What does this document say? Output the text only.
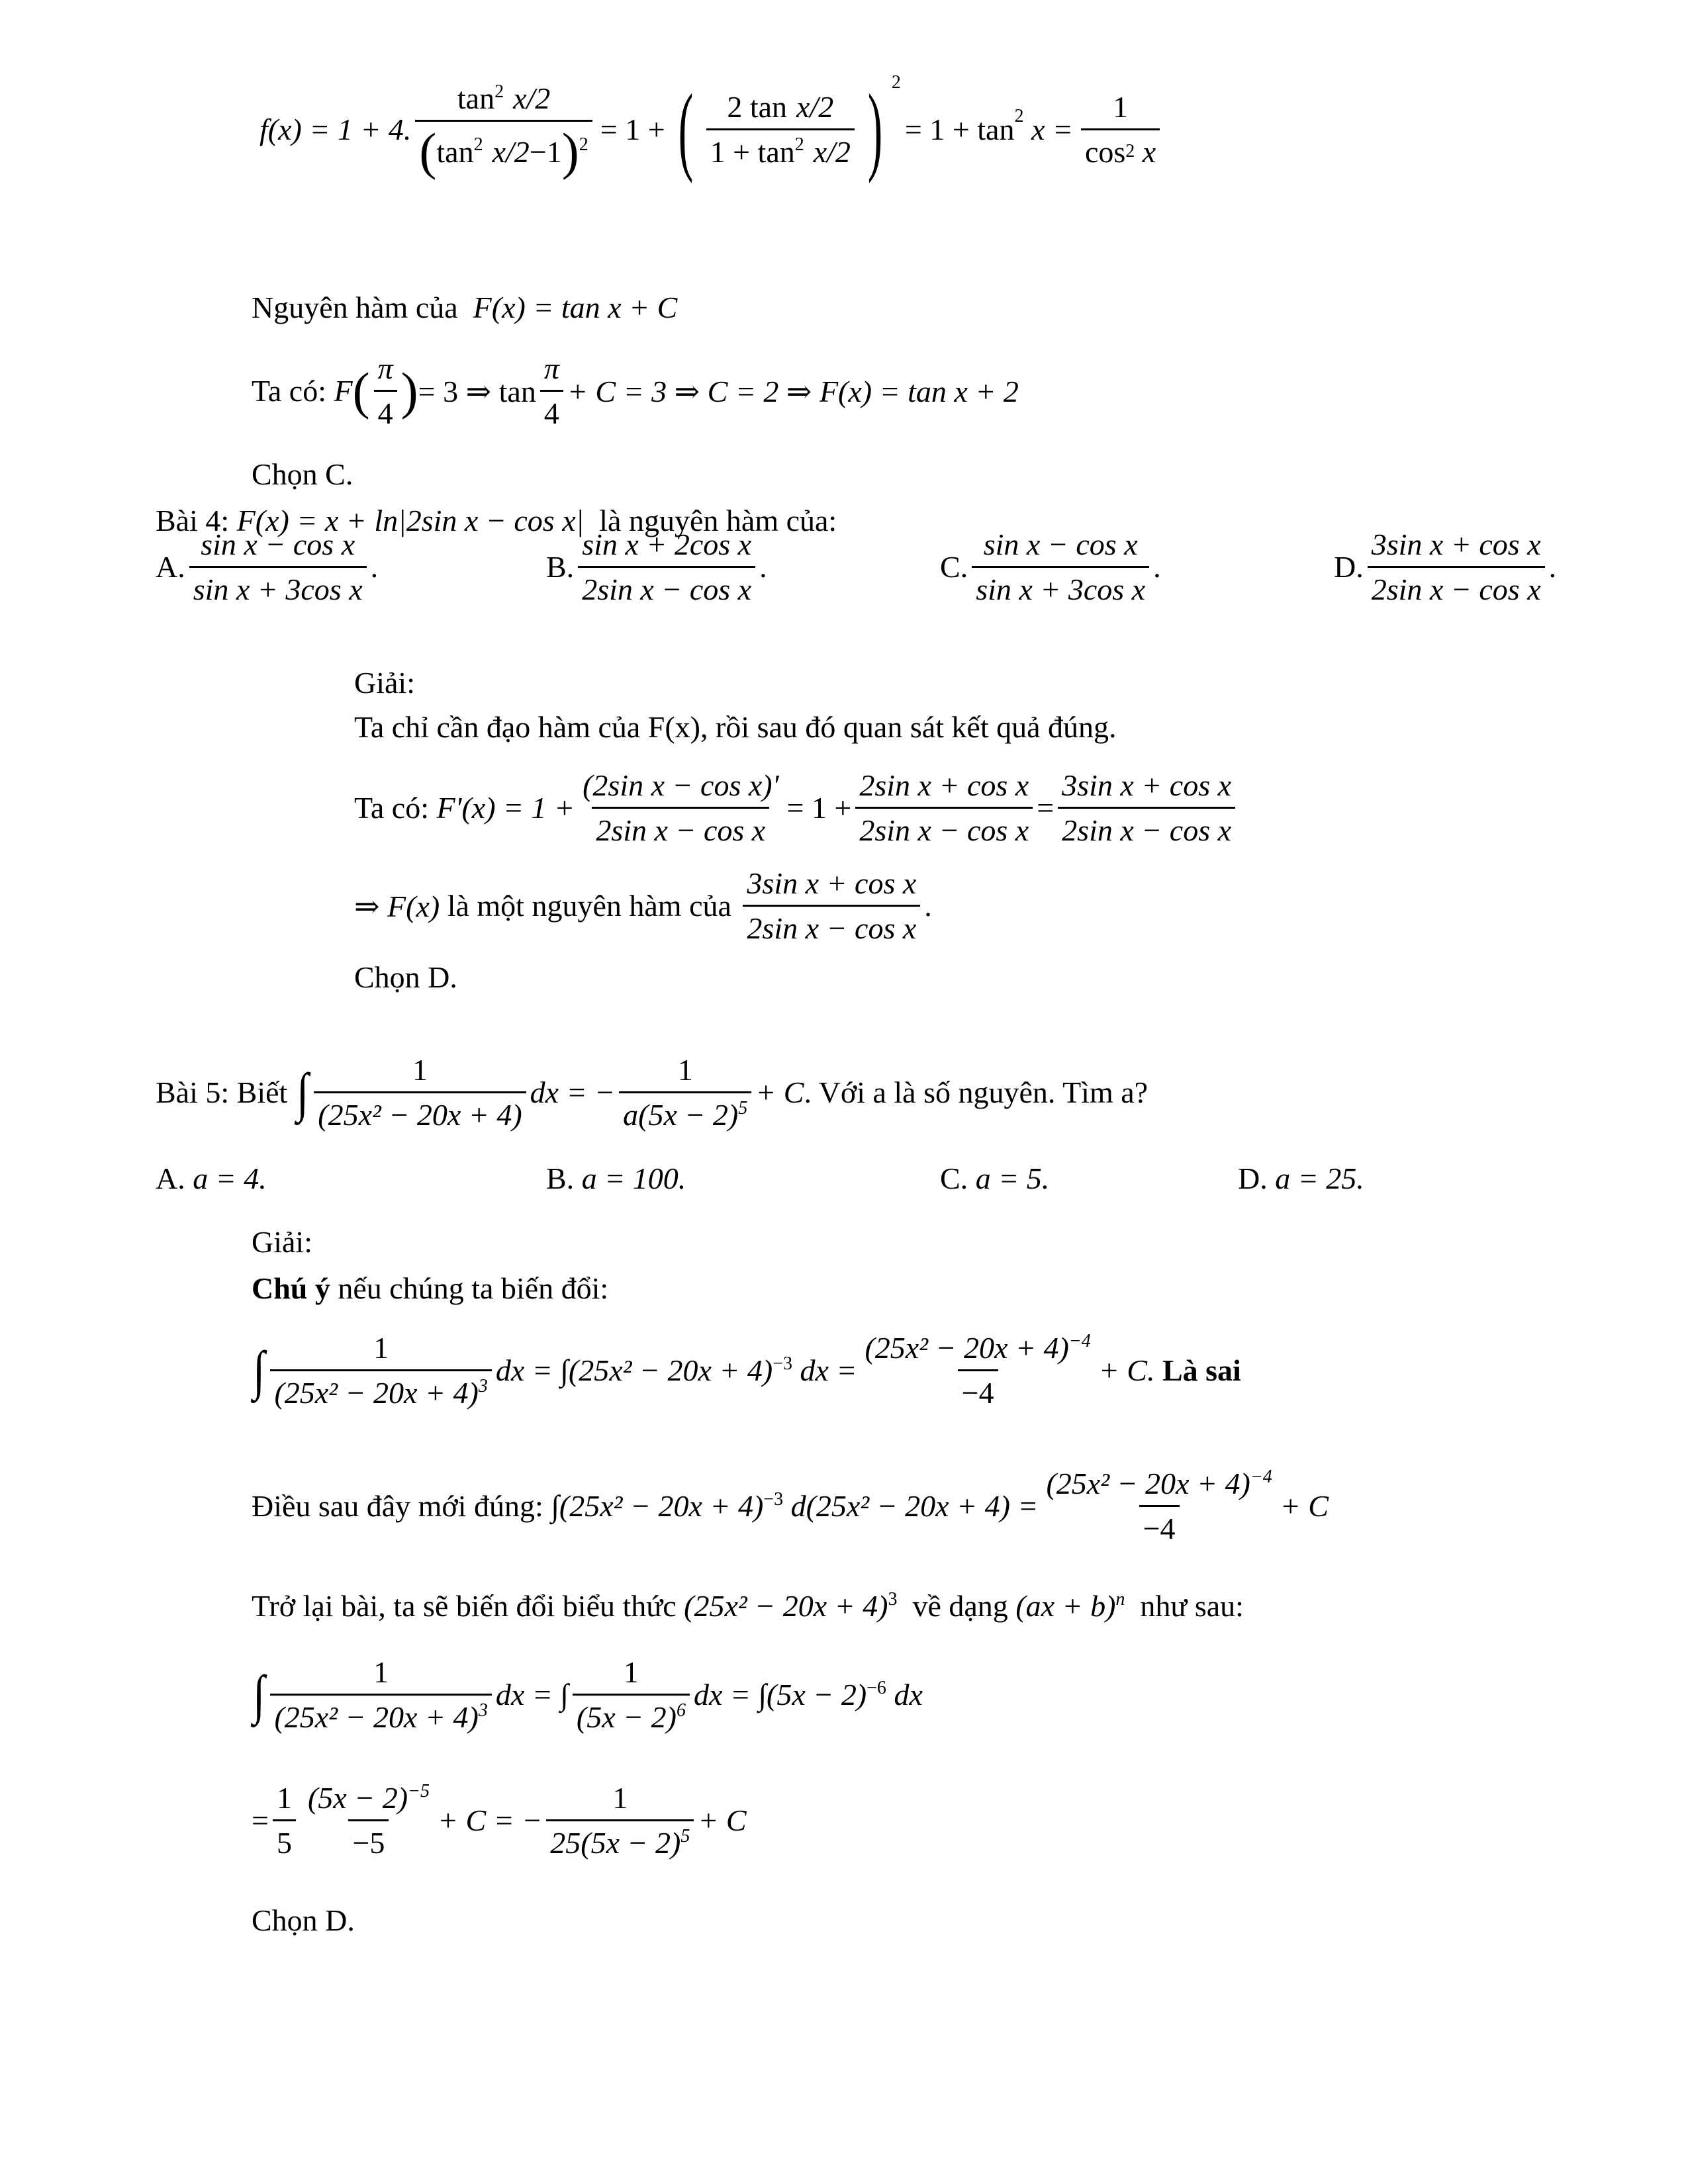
f(x) = 1 + 4. $\frac{\tan^2 x/2}{( \tan^2 x/2 -1 )^2} = 1$ + ( $\frac{\text{2 tan x/2}}{1 + \tan^2 x/2}$ ) $^2$
= $1 + \tan^2 x = 1$
cos 2
x
Nguyên hàm của
F(x) = tan x + C
Ta có:
F ( $\frac{\pi}{4}$ ) = 3 ⇒ $\tan \frac{\pi}{4} + C = 3$ ⇒ C = 2 ⇒ F(x) = tan x + 2
Chọn C.
Bài 4:
F(x) = x + ln|2sin x − cos x|
là nguyên hàm của:
A. $\frac{\text{sin x − cos x}}{\text{sin x + 3cos x}}$ .	B. $\frac{\text{sin x + 2cos x}}{\text{2sin x − cos x}}$ .	C. $\frac{\text{sin x − cos x}}{\text{sin x + 3cos x}}$ .	D. $\frac{\text{3sin x + cos x}}{\text{2sin x − cos x}}$ .
Giải:
Ta chỉ cần đạo hàm của F(x), rồi sau đó quan sát kết quả đúng.
Ta có:
$F'(x) = 1 + \frac{\text{(2sin x − cos x)'}}{\text{2sin x − cos x}} = 1 + \frac{\text{2sin x + cos x}}{\text{2sin x − cos x}} = \frac{\text{3sin x + cos x}}{\text{2sin x − cos x}}$
⇒ F(x)
là một nguyên hàm của
$\frac{\text{3sin x + cos x}}{\text{2sin x − cos x}}$ .
Chọn D.
Bài 5: Biết
∫ $\frac{1}{\text{(25x² − 20x + 4)}}$ dx = − $\frac{1}{a(5x - 2)^5} + C$ . Với a là số nguyên. Tìm a?
A.
a = 4.	B.
a = 100.	C.
a = 5.	D.
a = 25.
Giải:
Chú ý
nếu chúng ta biến đổi:
∫ $\frac{1}{(25x^2 - 20x + 4)^3}$ dx = $\int(25x^2 - 20x + 4)^{-3}$
dx = $\frac{(25x^2 - 20x + 4)^{-4}}{-4} + C$.
Là sai
Điều sau đây mới đúng:
$\int(25x^2 - 20x + 4)^{-3}$
$d(25x^2 - 20x + 4) = \frac{(25x^2 - 20x + 4)^{-4}}{-4} + C$
Trở lại bài, ta sẽ biến đổi biểu thức
$(25x^2 - 20x + 4)^3$
về dạng
(ax + b)$^n$
như sau:
∫ $\frac{1}{(25x^2 - 20x + 4)^3}$ dx = ∫ $\frac{1}{(5x - 2)^6}$ dx = $\int(5x - 2)^{-6}$
dx
= $\frac{1}{5} \frac{(5x - 2)^{-5}}{-5} + C$ = − $\frac{1}{25(5x - 2)^5} + C$
Chọn D.
